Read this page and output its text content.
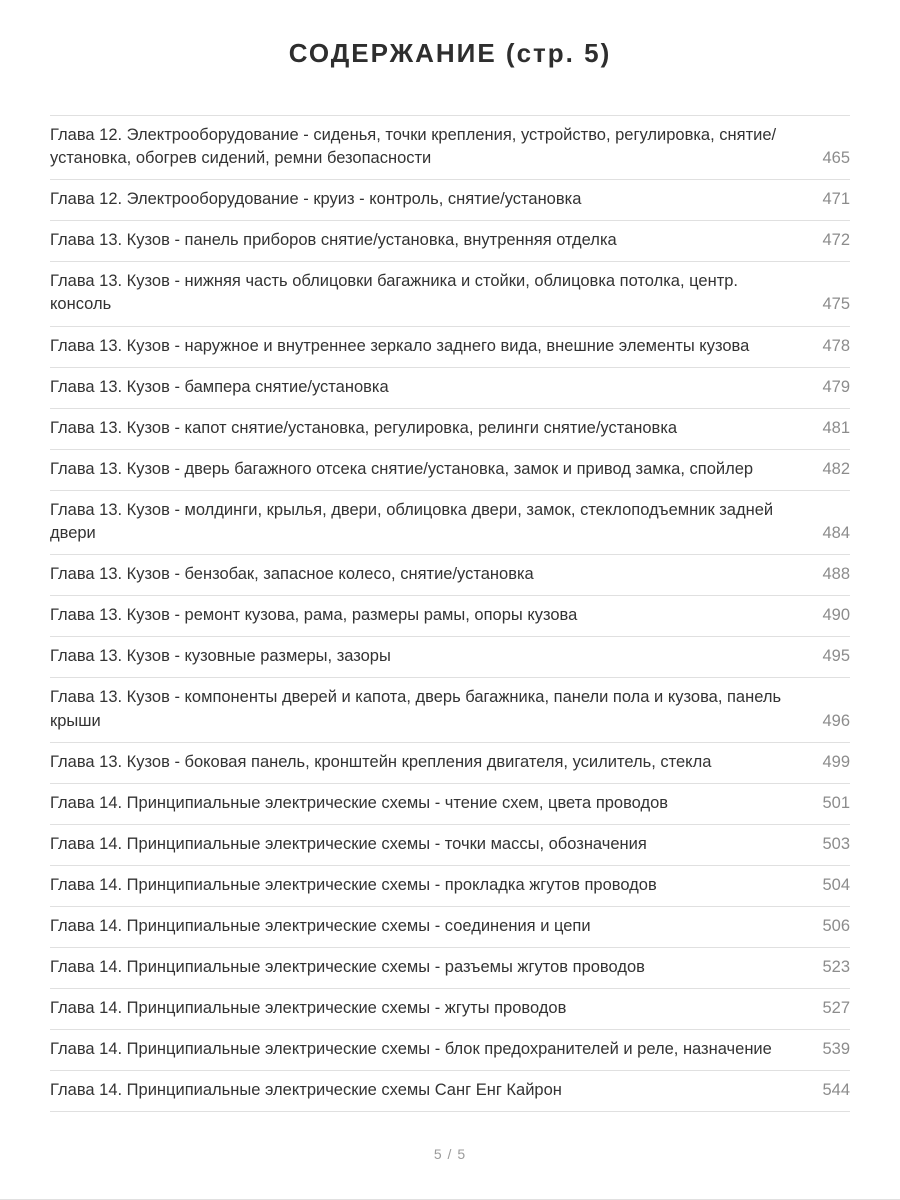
СОДЕРЖАНИЕ (стр. 5)
Глава 12. Электрооборудование - сиденья, точки крепления, устройство, регулировка, снятие/установка, обогрев сидений, ремни безопасности	465
Глава 12. Электрооборудование - круиз - контроль, снятие/установка	471
Глава 13. Кузов - панель приборов снятие/установка, внутренняя отделка	472
Глава 13. Кузов - нижняя часть облицовки багажника и стойки, облицовка потолка, центр. консоль	475
Глава 13. Кузов - наружное и внутреннее зеркало заднего вида, внешние элементы кузова	478
Глава 13. Кузов - бампера снятие/установка	479
Глава 13. Кузов - капот снятие/установка, регулировка, релинги снятие/установка	481
Глава 13. Кузов - дверь багажного отсека снятие/установка, замок и привод замка, спойлер	482
Глава 13. Кузов - молдинги, крылья, двери, облицовка двери, замок, стеклоподъемник задней двери	484
Глава 13. Кузов - бензобак, запасное колесо, снятие/установка	488
Глава 13. Кузов - ремонт кузова, рама, размеры рамы, опоры кузова	490
Глава 13. Кузов - кузовные размеры, зазоры	495
Глава 13. Кузов - компоненты дверей и капота, дверь багажника, панели пола и кузова, панель крыши	496
Глава 13. Кузов - боковая панель, кронштейн крепления двигателя, усилитель, стекла	499
Глава 14. Принципиальные электрические схемы - чтение схем, цвета проводов	501
Глава 14. Принципиальные электрические схемы - точки массы, обозначения	503
Глава 14. Принципиальные электрические схемы - прокладка жгутов проводов	504
Глава 14. Принципиальные электрические схемы - соединения и цепи	506
Глава 14. Принципиальные электрические схемы - разъемы жгутов проводов	523
Глава 14. Принципиальные электрические схемы - жгуты проводов	527
Глава 14. Принципиальные электрические схемы - блок предохранителей и реле, назначение	539
Глава 14. Принципиальные электрические схемы Санг Енг Кайрон	544
5 / 5
